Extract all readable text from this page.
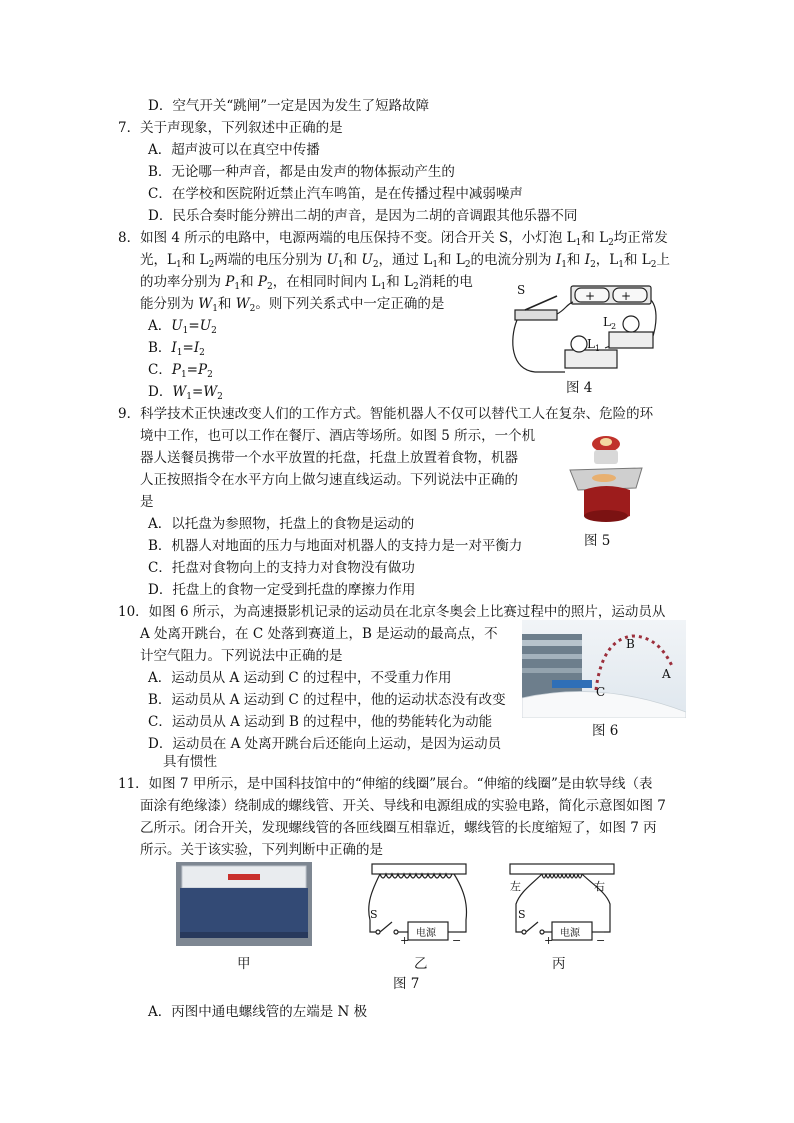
D．空气开关“跳闸”一定是因为发生了短路故障
7．关于声现象，下列叙述中正确的是
A．超声波可以在真空中传播
B．无论哪一种声音，都是由发声的物体振动产生的
C．在学校和医院附近禁止汽车鸣笛，是在传播过程中减弱噪声
D．民乐合奏时能分辨出二胡的声音，是因为二胡的音调跟其他乐器不同
8．如图 4 所示的电路中，电源两端的电压保持不变。闭合开关 S，小灯泡 $L_1$和 $L_2$均正常发
光，$L_1$和 $L_2$两端的电压分别为 $U_1$和 $U_2$，通过 $L_1$和 $L_2$的电流分别为 $I_1$和 $I_2$，$L_1$和 $L_2$上
的功率分别为 $P_1$和 $P_2$，在相同时间内 $L_1$和 $L_2$消耗的电
能分别为 $W_1$和 $W_2$。则下列关系式中一定正确的是
A．$U_1=U_2$
B．$I_1=I_2$
C．$P_1=P_2$
D．$W_1=W_2$
S	+ +
$L_1$
$L_2$
图 4
9．科学技术正快速改变人们的工作方式。智能机器人不仅可以替代工人在复杂、危险的环
境中工作，也可以工作在餐厅、酒店等场所。如图 5 所示，一个机
器人送餐员携带一个水平放置的托盘，托盘上放置着食物，机器
人正按照指令在水平方向上做匀速直线运动。下列说法中正确的
是
A．以托盘为参照物，托盘上的食物是运动的
B．机器人对地面的压力与地面对机器人的支持力是一对平衡力
C．托盘对食物向上的支持力对食物没有做功
D．托盘上的食物一定受到托盘的摩擦力作用
图 5
10．如图 6 所示，为高速摄影机记录的运动员在北京冬奥会上比赛过程中的照片，运动员从
A 处离开跳台，在 C 处落到赛道上，B 是运动的最高点，不
计空气阻力。下列说法中正确的是
A．运动员从 A 运动到 C 的过程中，不受重力作用
B．运动员从 A 运动到 C 的过程中，他的运动状态没有改变
C．运动员从 A 运动到 B 的过程中，他的势能转化为动能
D．运动员在 A 处离开跳台后还能向上运动，是因为运动员
具有惯性
B
A
C
图 6
11．如图 7 甲所示，是中国科技馆中的“伸缩的线圈”展台。“伸缩的线圈”是由软导线（表
面涂有绝缘漆）绕制成的螺线管、开关、导线和电源组成的实验电路，简化示意图如图 7
乙所示。闭合开关，发现螺线管的各匝线圈互相靠近，螺线管的长度缩短了，如图 7 丙
所示。关于该实验，下列判断中正确的是
甲
S
+
电源
−
乙
左	右
S
+
电源
−
丙
图 7
A．丙图中通电螺线管的左端是 N 极
